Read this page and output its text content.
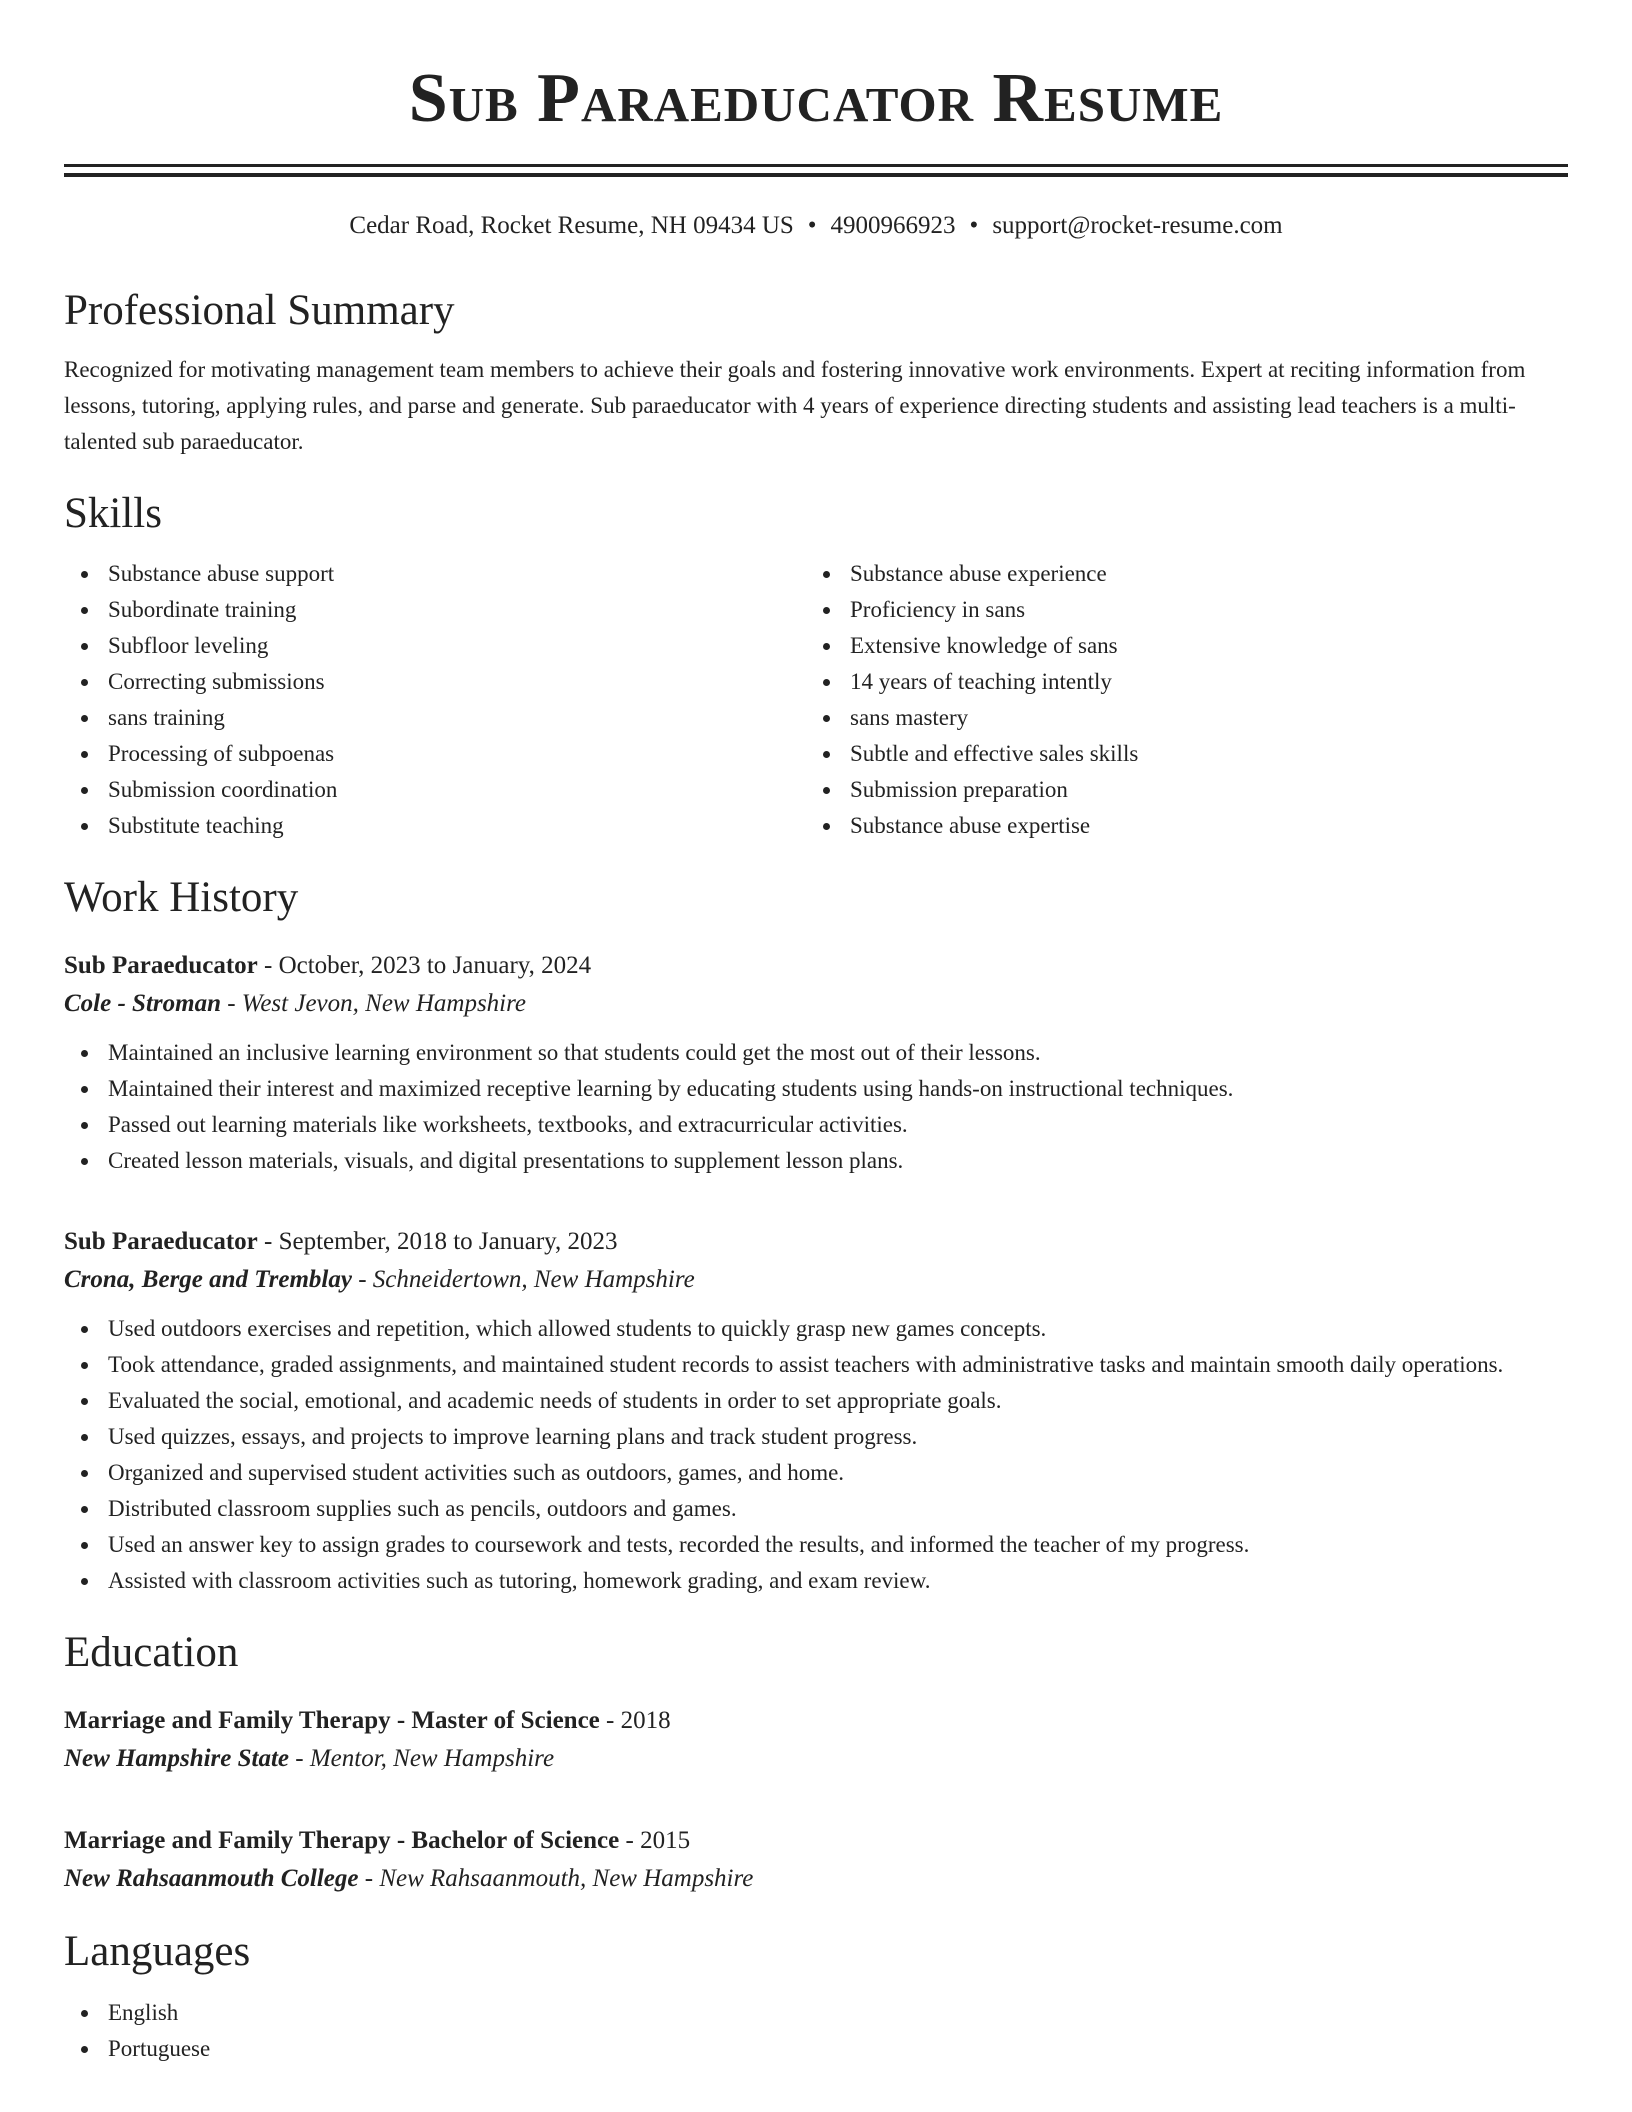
Sub Paraeducator Resume
Cedar Road, Rocket Resume, NH 09434 US • 4900966923 • support@rocket-resume.com
Professional Summary

Recognized for motivating management team members to achieve their goals and fostering innovative work environments. Expert at reciting information from lessons, tutoring, applying rules, and parse and generate. Sub paraeducator with 4 years of experience directing students and assisting lead teachers is a multi-talented sub paraeducator.

Skills
Substance abuse support
Subordinate training
Subfloor leveling
Correcting submissions
sans training
Processing of subpoenas
Submission coordination
Substitute teaching
Substance abuse experience
Proficiency in sans
Extensive knowledge of sans
14 years of teaching intently
sans mastery
Subtle and effective sales skills
Submission preparation
Substance abuse expertise
Work History
Sub Paraeducator - October, 2023 to January, 2024
Cole - Stroman - West Jevon, New Hampshire
Maintained an inclusive learning environment so that students could get the most out of their lessons.
Maintained their interest and maximized receptive learning by educating students using hands-on instructional techniques.
Passed out learning materials like worksheets, textbooks, and extracurricular activities.
Created lesson materials, visuals, and digital presentations to supplement lesson plans.
Sub Paraeducator - September, 2018 to January, 2023
Crona, Berge and Tremblay - Schneidertown, New Hampshire
Used outdoors exercises and repetition, which allowed students to quickly grasp new games concepts.
Took attendance, graded assignments, and maintained student records to assist teachers with administrative tasks and maintain smooth daily operations.
Evaluated the social, emotional, and academic needs of students in order to set appropriate goals.
Used quizzes, essays, and projects to improve learning plans and track student progress.
Organized and supervised student activities such as outdoors, games, and home.
Distributed classroom supplies such as pencils, outdoors and games.
Used an answer key to assign grades to coursework and tests, recorded the results, and informed the teacher of my progress.
Assisted with classroom activities such as tutoring, homework grading, and exam review.
Education
Marriage and Family Therapy - Master of Science - 2018
New Hampshire State - Mentor, New Hampshire
Marriage and Family Therapy - Bachelor of Science - 2015
New Rahsaanmouth College - New Rahsaanmouth, New Hampshire
Languages
English
Portuguese
